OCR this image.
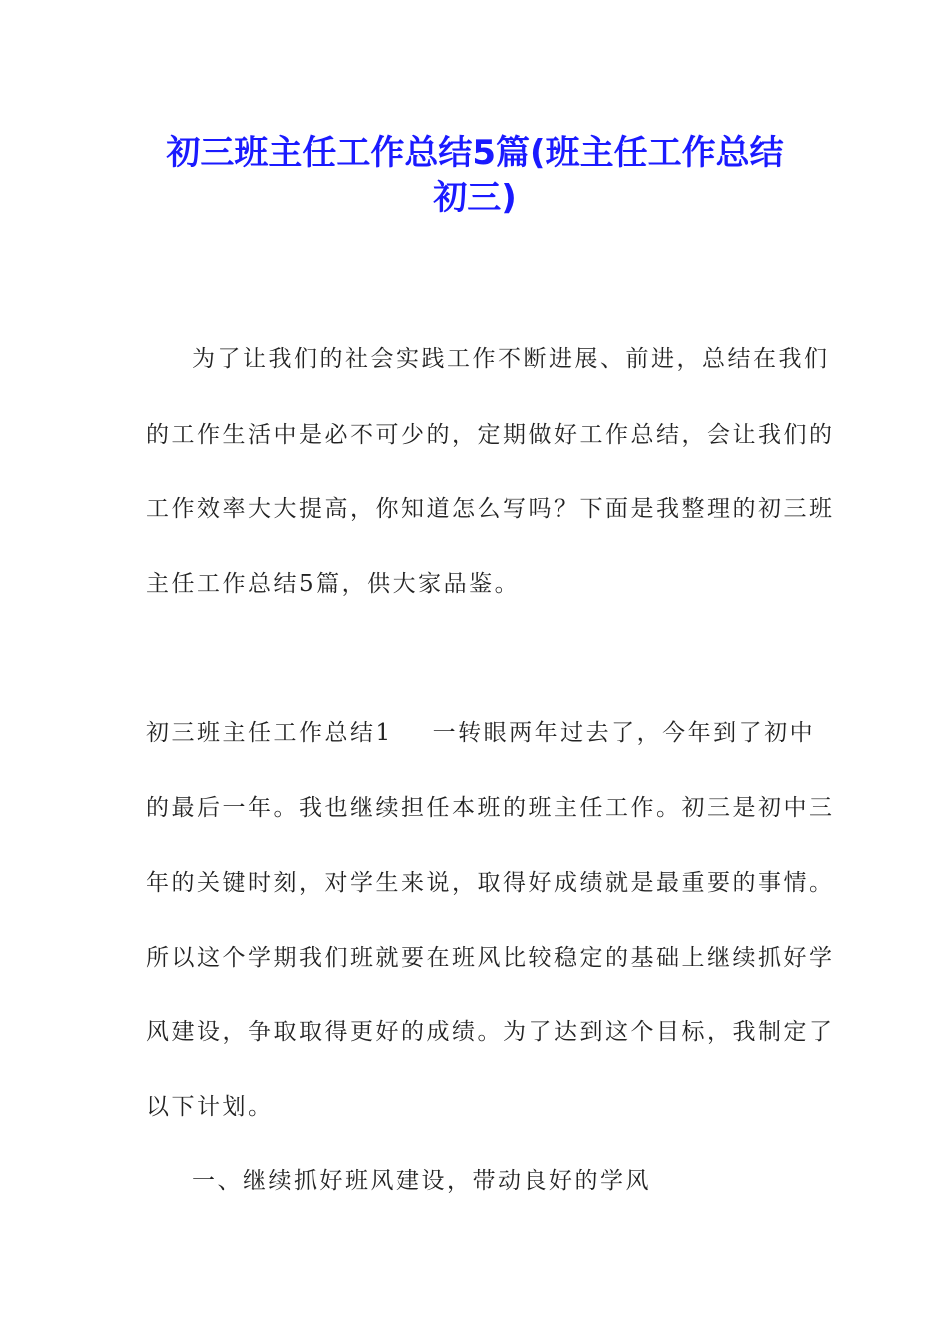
初三班主任工作总结5篇(班主任工作总结
初三)
为了让我们的社会实践工作不断进展、前进，总结在我们
的工作生活中是必不可少的，定期做好工作总结，会让我们的
工作效率大大提高，你知道怎么写吗？下面是我整理的初三班
主任工作总结5篇，供大家品鉴。
初三班主任工作总结1 一转眼两年过去了，今年到了初中
的最后一年。我也继续担任本班的班主任工作。初三是初中三
年的关键时刻，对学生来说，取得好成绩就是最重要的事情。
所以这个学期我们班就要在班风比较稳定的基础上继续抓好学
风建设，争取取得更好的成绩。为了达到这个目标，我制定了
以下计划。
一、继续抓好班风建设，带动良好的学风
